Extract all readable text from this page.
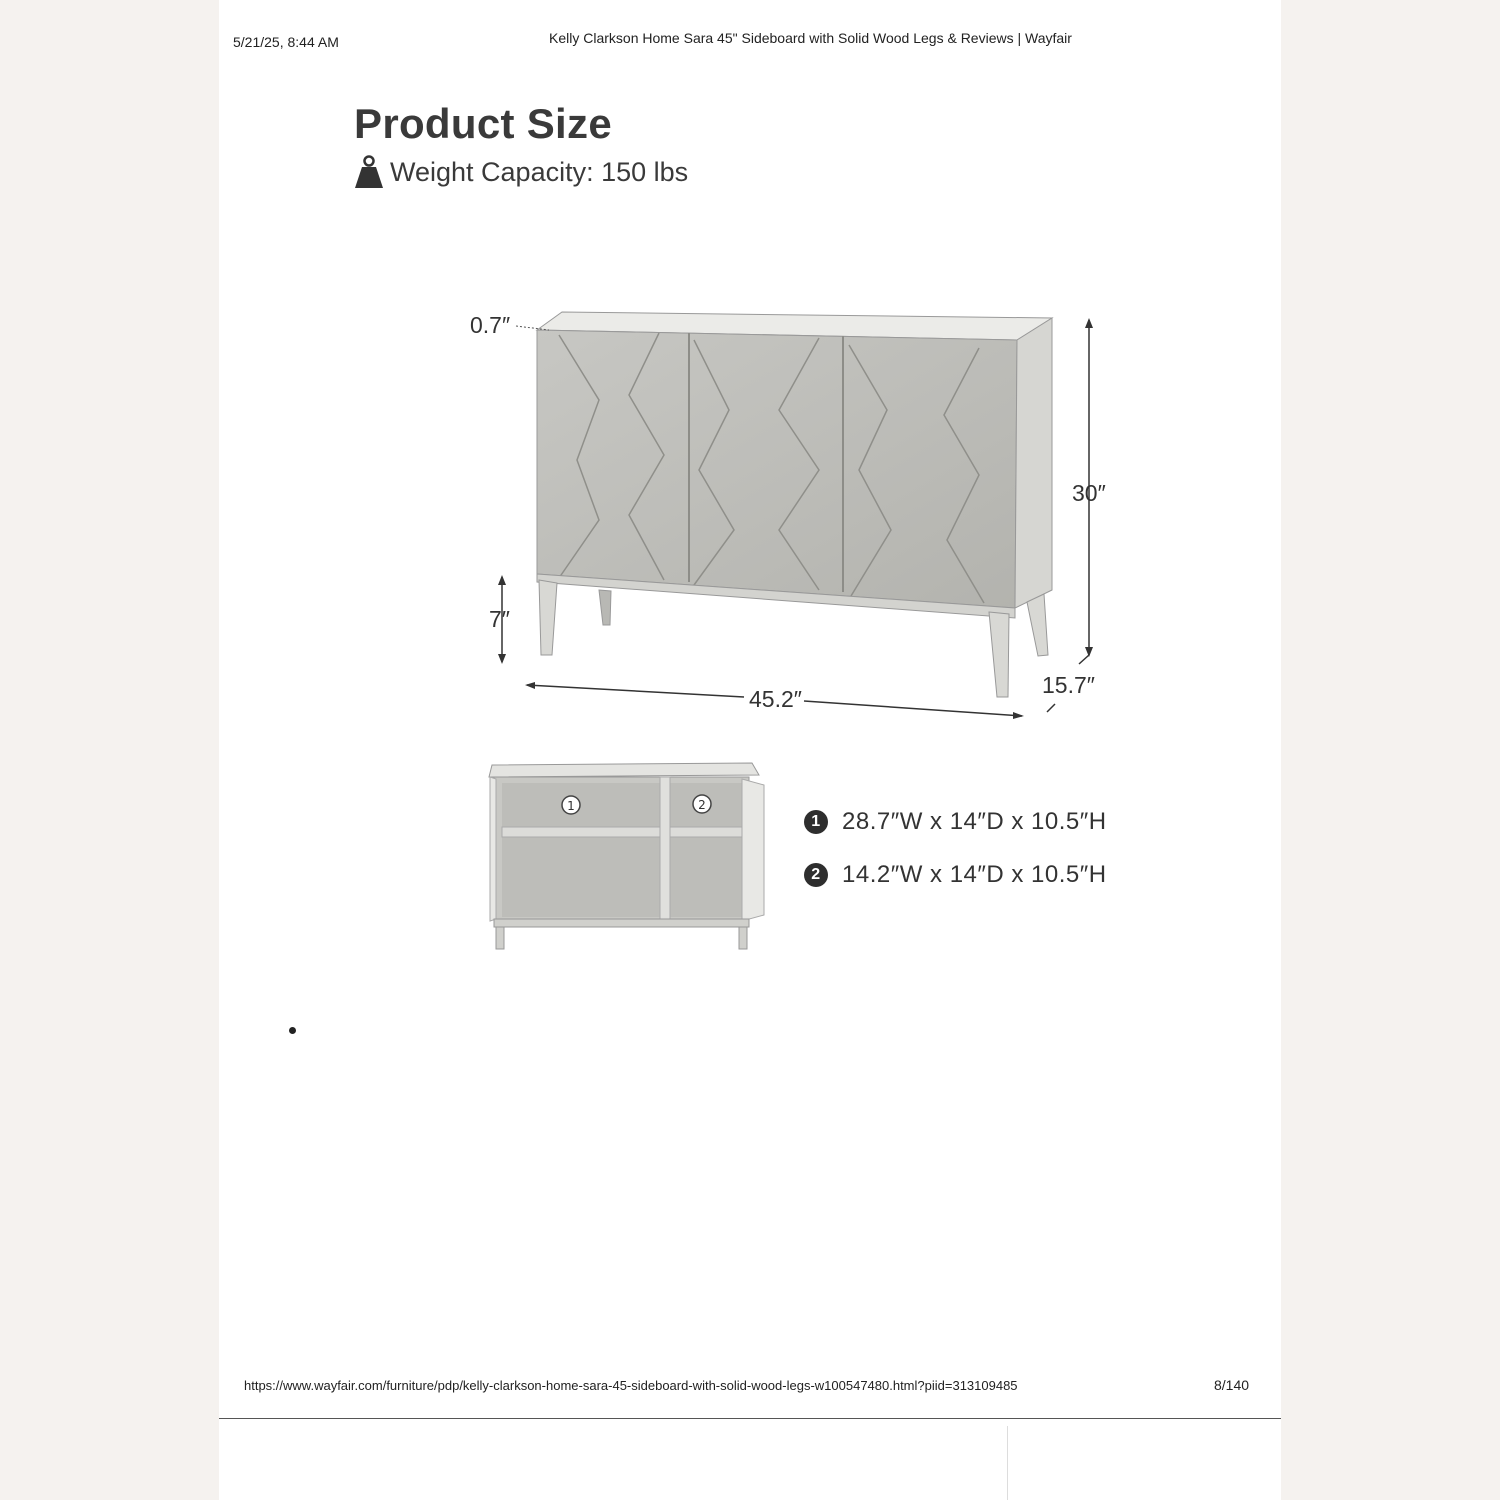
5/21/25, 8:44 AM	Kelly Clarkson Home Sara 45" Sideboard with Solid Wood Legs & Reviews | Wayfair
Product Size
Weight Capacity: 150 lbs
0.7″
30″
7″
45.2″
15.7″
1	2
1 28.7″W x 14″D x 10.5″H
2 14.2″W x 14″D x 10.5″H
https://www.wayfair.com/furniture/pdp/kelly-clarkson-home-sara-45-sideboard-with-solid-wood-legs-w100547480.html?piid=313109485	8/140
